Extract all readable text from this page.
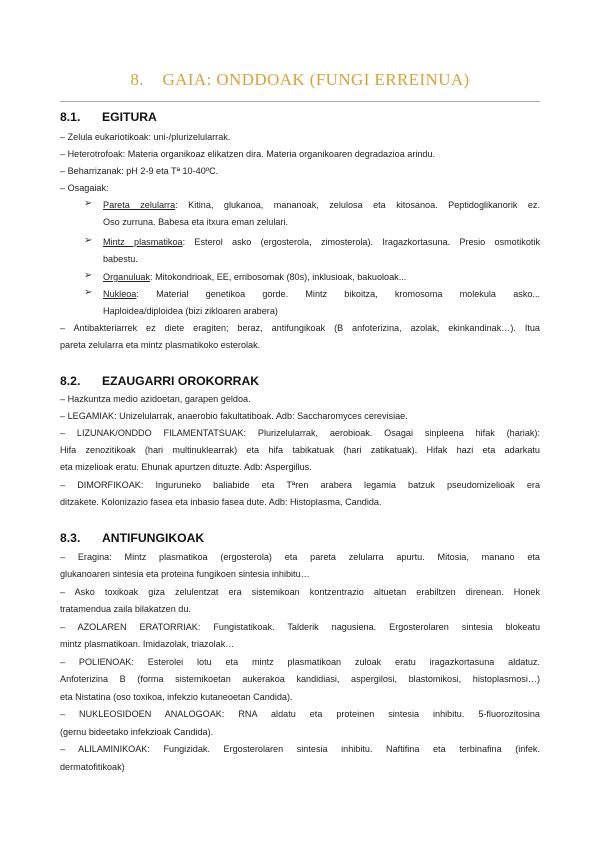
8.    GAIA: ONDDOAK (FUNGI ERREINUA)
8.1. EGITURA
– Zelula eukariotikoak: uni-/plurizelularrak.
– Heterotrofoak: Materia organikoaz elikatzen dira. Materia organikoaren degradazioa arindu.
– Beharrizanak: pH 2-9 eta Tª 10-40ºC.
– Osagaiak:
➢ Pareta zelularra: Kitina, glukanoa, mananoak, zelulosa eta kitosanoa. Peptidoglikanorik ez.
Oso zurruna. Babesa eta itxura eman zelulari.
➢ Mintz plasmatikoa: Esterol asko (ergosterola, zimosterola). Iragazkortasuna. Presio osmotikotik
babestu.
➢ Organuluak: Mitokondrioak, EE, erribosomak (80s), inklusioak, bakuoloak...
➢ Nukleoa: Material genetikoa gorde. Mintz bikoitza, kromosoma molekula asko...
Haploidea/diploidea (bizi zikloaren arabera)
– Antibakteriarrek ez diete eragiten; beraz, antifungikoak (B anfoterizina, azolak, ekinkandinak…). Itua
pareta zelularra eta mintz plasmatikoko esterolak.
8.2. EZAUGARRI OROKORRAK
– Hazkuntza medio azidoetan, garapen geldoa.
– LEGAMIAK: Unizelularrak, anaerobio fakultatiboak. Adb: Saccharomyces cerevisiae.
– LIZUNAK/ONDDO FILAMENTATSUAK: Plurizelularrak, aerobioak. Osagai sinpleena hifak (hariak):
Hifa zenozitikoak (hari multinuklearrak) eta hifa tabikatuak (hari zatikatuak). Hifak hazi eta adarkatu
eta mizelioak eratu. Ehunak apurtzen dituzte. Adb: Aspergillus.
– DIMORFIKOAK: Inguruneko baliabide eta Tªren arabera legamia batzuk pseudomizelioak era
ditzakete. Kolonizazio fasea eta inbasio fasea dute. Adb: Histoplasma, Candida.
8.3. ANTIFUNGIKOAK
– Eragina: Mintz plasmatikoa (ergosterola) eta pareta zelularra apurtu. Mitosia, manano eta
glukanoaren sintesia eta proteina fungikoen sintesia inhibitu…
– Asko toxikoak giza zelulentzat era sistemikoan kontzentrazio altuetan erabiltzen direnean. Honek
tratamendua zaila bilakatzen du.
– AZOLAREN ERATORRIAK: Fungistatikoak. Talderik nagusiena. Ergosterolaren sintesia blokeatu
mintz plasmatikoan. Imidazolak, triazolak…
– POLIENOAK: Esterolei lotu eta mintz plasmatikoan zuloak eratu iragazkortasuna aldatuz.
Anfoterizina B (forma sistemikoetan aukerakoa kandidiasi, aspergilosi, blastomikosi, histoplasmosi…)
eta Nistatina (oso toxikoa, infekzio kutaneoetan Candida).
– NUKLEOSIDOEN ANALOGOAK: RNA aldatu eta proteinen sintesia inhibitu. 5-fluorozitosina
(gernu bideetako infekzioak Candida).
– ALILAMINIKOAK: Fungizidak. Ergosterolaren sintesia inhibitu. Naftifina eta terbinafina (infek.
dermatofitikoak)
